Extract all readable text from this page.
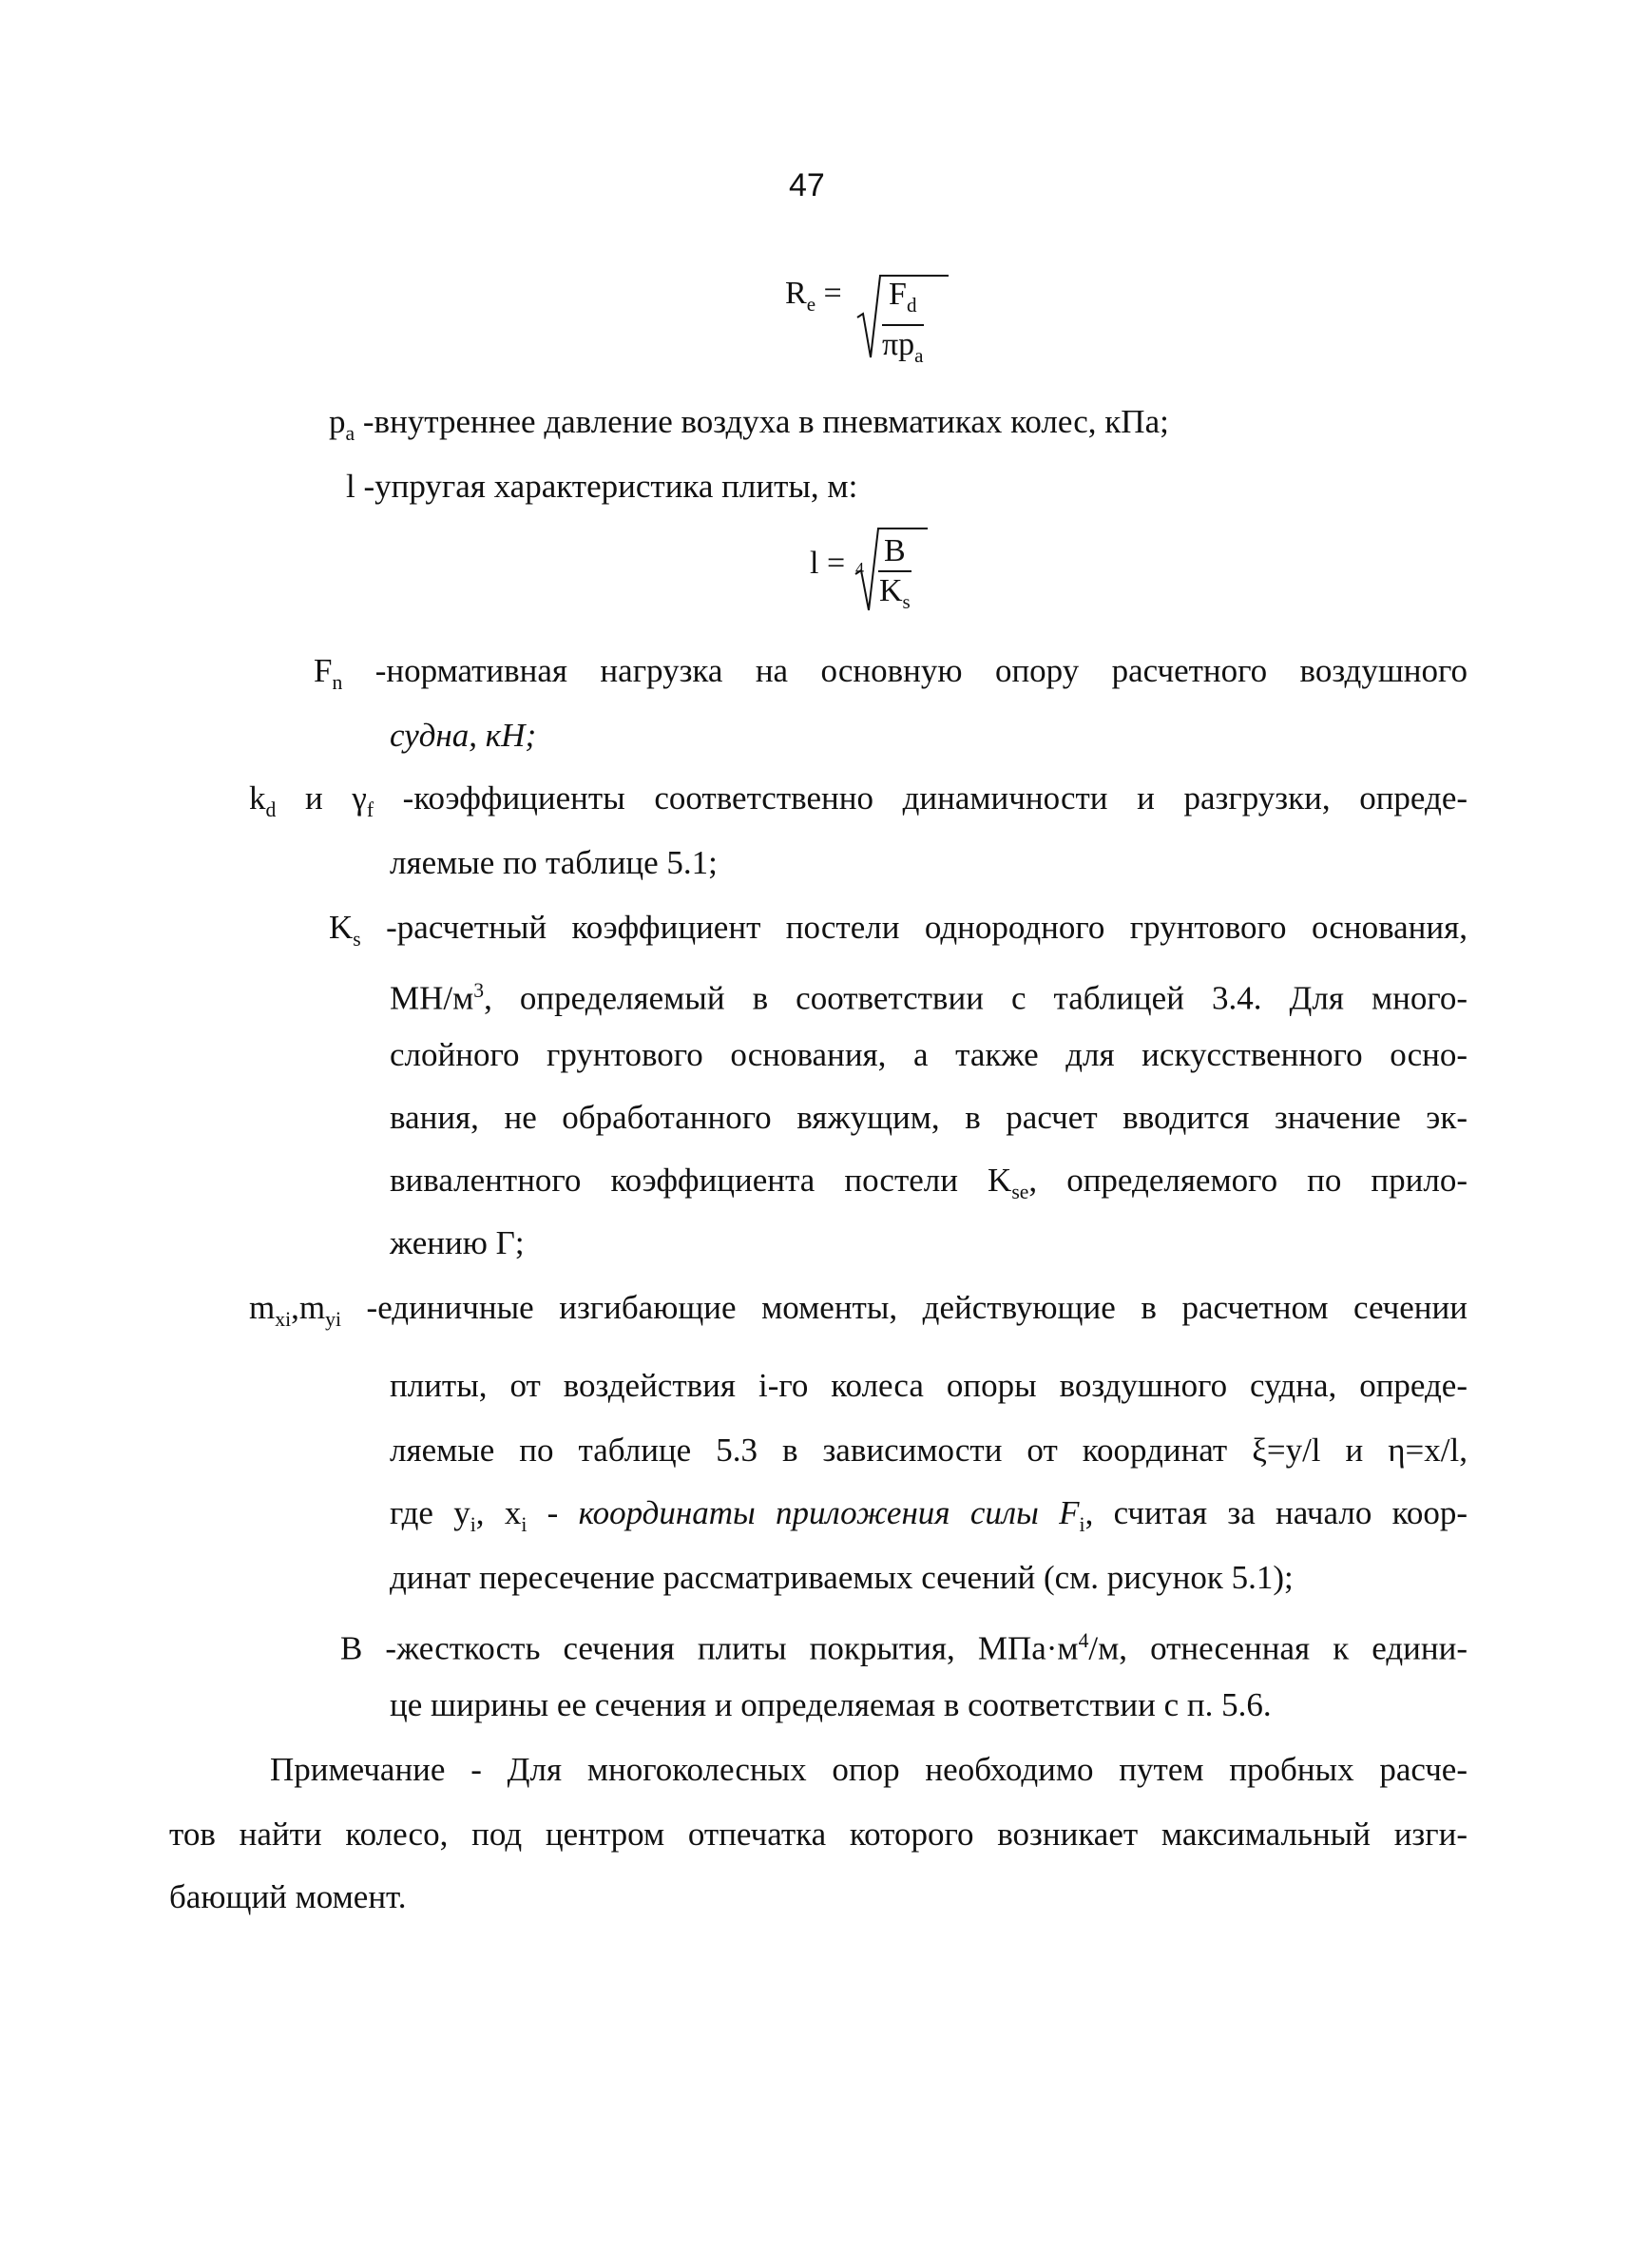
47
$R_e = F_d$
$\pi p_a$
$p_a$ -внутреннее давление воздуха в пневматиках колес, кПа;
l -упругая характеристика плиты, м:
$l = 4 \frac{B}{K_s}$
$F_n$ -нормативная нагрузка на основную опору расчетного воздушного
судна, кН;
$k_d$ и $\gamma_f$ -коэффициенты соответственно динамичности и разгрузки, опреде-
ляемые по таблице 5.1;
$K_s$ -расчетный коэффициент постели однородного грунтового основания,
$МН/м^3$, определяемый в соответствии с таблицей 3.4. Для много-
слойного грунтового основания, а также для искусственного осно-
вания, не обработанного вяжущим, в расчет вводится значение эк-
вивалентного коэффициента постели $K_{se}$, определяемого по прило-
жению Г;
$m_{xi},m_{yi}$ -единичные изгибающие моменты, действующие в расчетном сечении
плиты, от воздействия i-го колеса опоры воздушного судна, опреде-
ляемые по таблице 5.3 в зависимости от координат ξ=y/l и η=x/l,
где $y_i$, $x_i$ - координаты приложения силы $F_i$, считая за начало коор-
динат пересечение рассматриваемых сечений (см. рисунок 5.1);
B -жесткость сечения плиты покрытия, $МПа\cdot м^4/м$, отнесенная к едини-
це ширины ее сечения и определяемая в соответствии с п. 5.6.
Примечание - Для многоколесных опор необходимо путем пробных расче-
тов найти колесо, под центром отпечатка которого возникает максимальный изги-
бающий момент.
